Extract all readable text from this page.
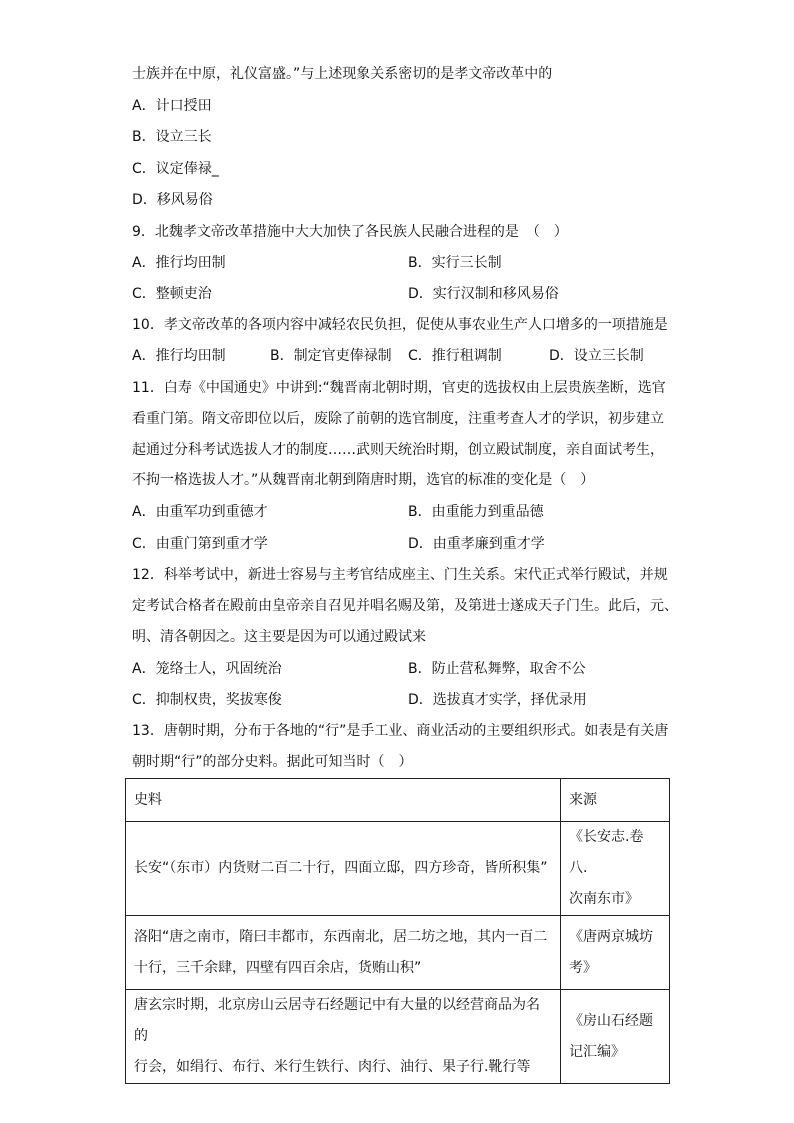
士族并在中原，礼仪富盛。”与上述现象关系密切的是孝文帝改革中的
A．计口授田
B．设立三长
C．议定俸禄_
D．移风易俗
9．北魏孝文帝改革措施中大大加快了各民族人民融合进程的是　（　）
A．推行均田制	B．实行三长制
C．整顿吏治	D．实行汉制和移风易俗
10．孝文帝改革的各项内容中减轻农民负担，促使从事农业生产人口增多的一项措施是
A．推行均田制	B．制定官吏俸禄制 C．推行租调制	D．设立三长制
11．白寿《中国通史》中讲到:“魏晋南北朝时期，官吏的选拔权由上层贵族垄断，选官
看重门第。隋文帝即位以后，废除了前朝的选官制度，注重考查人才的学识，初步建立
起通过分科考试选拔人才的制度……武则天统治时期，创立殿试制度，亲自面试考生，
不拘一格选拔人才。”从魏晋南北朝到隋唐时期，选官的标准的变化是（　）
A．由重军功到重德才	B．由重能力到重品德
C．由重门第到重才学	D．由重孝廉到重才学
12．科举考试中，新进士容易与主考官结成座主、门生关系。宋代正式举行殿试，并规
定考试合格者在殿前由皇帝亲自召见并唱名赐及第，及第进士遂成天子门生。此后，元、
明、清各朝因之。这主要是因为可以通过殿试来
A．笼络士人，巩固统治	B．防止营私舞弊，取舍不公
C．抑制权贵，奖拔寒俊	D．选拔真才实学，择优录用
13．唐朝时期，分布于各地的“行”是手工业、商业活动的主要组织形式。如表是有关唐
朝时期“行”的部分史料。据此可知当时（　）
史料	来源

长安“（东市）内货财二百二十行，四面立邸，四方珍奇，皆所积集”	《长安志.卷八.
次南东市》

洛阳“唐之南市，隋曰丰都市，东西南北，居二坊之地，其内一百二
十行，三千余肆，四壁有四百余店，货贿山积”	《唐两京城坊
考》

唐玄宗时期，北京房山云居寺石经题记中有大量的以经营商品为名的
行会，如绢行、布行、米行生铁行、肉行、油行、果子行.靴行等	《房山石经题
记汇编》
